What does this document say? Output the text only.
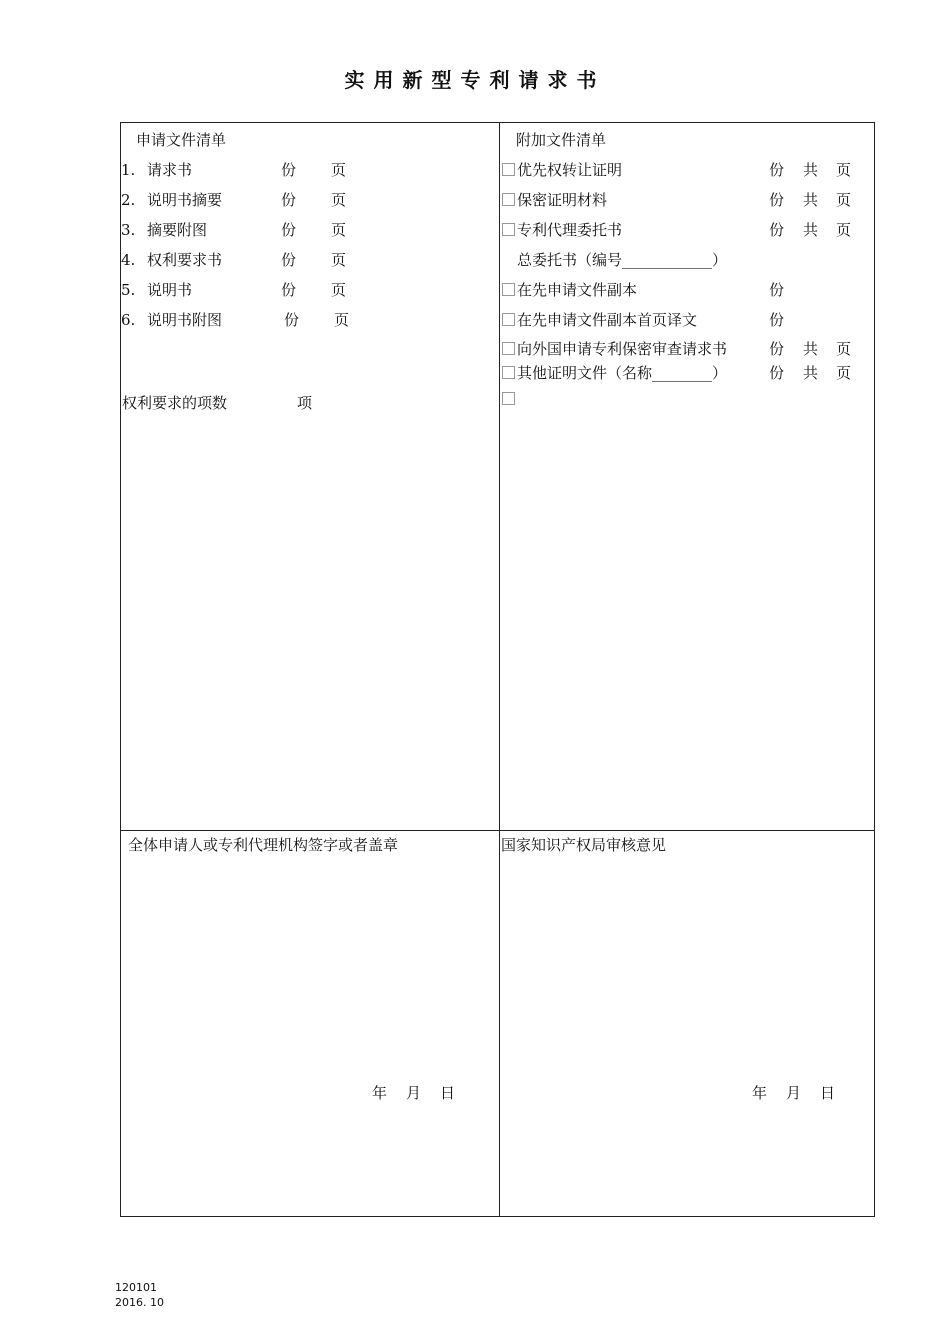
实用新型专利请求书
申请文件清单
1. 请求书	份 页
2. 说明书摘要	份 页
3. 摘要附图	份 页
4. 权利要求书	份 页
5. 说明书	份 页
6. 说明书附图	份 页
权利要求的项数	项
附加文件清单
优先权转让证明	份 共 页
保密证明材料	份 共 页
专利代理委托书	份 共 页
总委托书（编号____________）
在先申请文件副本	份
在先申请文件副本首页译文	份
向外国申请专利保密审查请求书	份 共 页
其他证明文件（名称________）	份 共 页
全体申请人或专利代理机构签字或者盖章
年 月 日
国家知识产权局审核意见
年 月 日
120101
2016. 10
